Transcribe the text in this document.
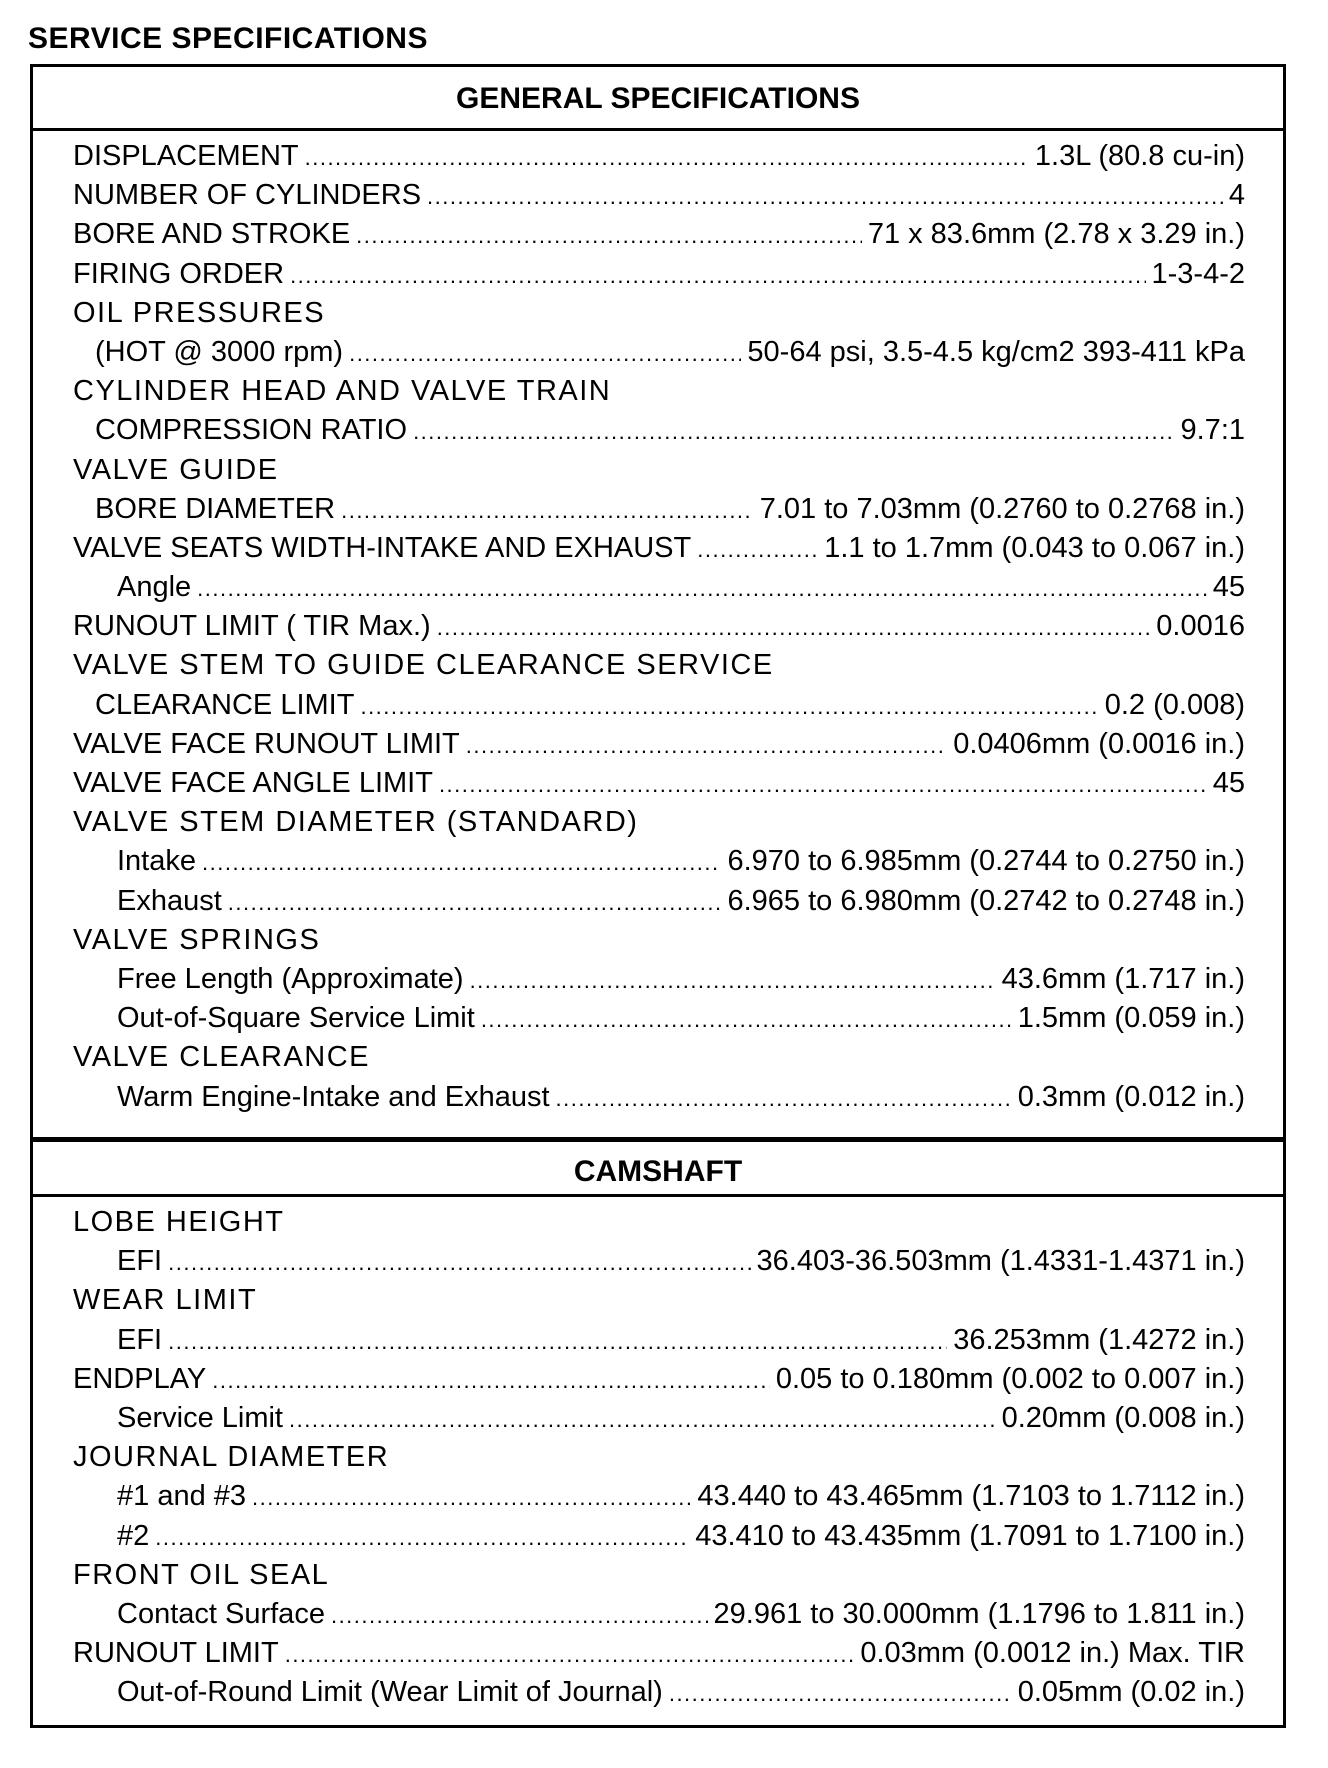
SERVICE SPECIFICATIONS
GENERAL SPECIFICATIONS
DISPLACEMENT .....	1.3L (80.8 cu-in)
NUMBER OF CYLINDERS .....	4
BORE AND STROKE .....	71 x 83.6mm (2.78 x 3.29 in.)
FIRING ORDER .....	1-3-4-2
OIL PRESSURES
(HOT @ 3000 rpm) .....	50-64 psi, 3.5-4.5 kg/cm2 393-411 kPa
CYLINDER HEAD AND VALVE TRAIN
COMPRESSION RATIO .....	9.7:1
VALVE GUIDE
BORE DIAMETER .....	7.01 to 7.03mm (0.2760 to 0.2768 in.)
VALVE SEATS WIDTH-INTAKE AND EXHAUST .....	1.1 to 1.7mm (0.043 to 0.067 in.)
Angle .....	45
RUNOUT LIMIT ( TIR Max.) .....	0.0016
VALVE STEM TO GUIDE CLEARANCE SERVICE
CLEARANCE LIMIT .....	0.2 (0.008)
VALVE FACE RUNOUT LIMIT .....	0.0406mm (0.0016 in.)
VALVE FACE ANGLE LIMIT .....	45
VALVE STEM DIAMETER (STANDARD)
Intake .....	6.970 to 6.985mm (0.2744 to 0.2750 in.)
Exhaust .....	6.965 to 6.980mm (0.2742 to 0.2748 in.)
VALVE SPRINGS
Free Length (Approximate) .....	43.6mm (1.717 in.)
Out-of-Square Service Limit .....	1.5mm (0.059 in.)
VALVE CLEARANCE
Warm Engine-Intake and Exhaust .....	0.3mm (0.012 in.)
CAMSHAFT
LOBE HEIGHT
EFI .....	36.403-36.503mm (1.4331-1.4371 in.)
WEAR LIMIT
EFI .....	36.253mm (1.4272 in.)
ENDPLAY .....	0.05 to 0.180mm (0.002 to 0.007 in.)
Service Limit .....	0.20mm (0.008 in.)
JOURNAL DIAMETER
#1 and #3 .....	43.440 to 43.465mm (1.7103 to 1.7112 in.)
#2 .....	43.410 to 43.435mm (1.7091 to 1.7100 in.)
FRONT OIL SEAL
Contact Surface .....	29.961 to 30.000mm (1.1796 to 1.811 in.)
RUNOUT LIMIT .....	0.03mm (0.0012 in.) Max. TIR
Out-of-Round Limit (Wear Limit of Journal) .....	0.05mm (0.02 in.)
